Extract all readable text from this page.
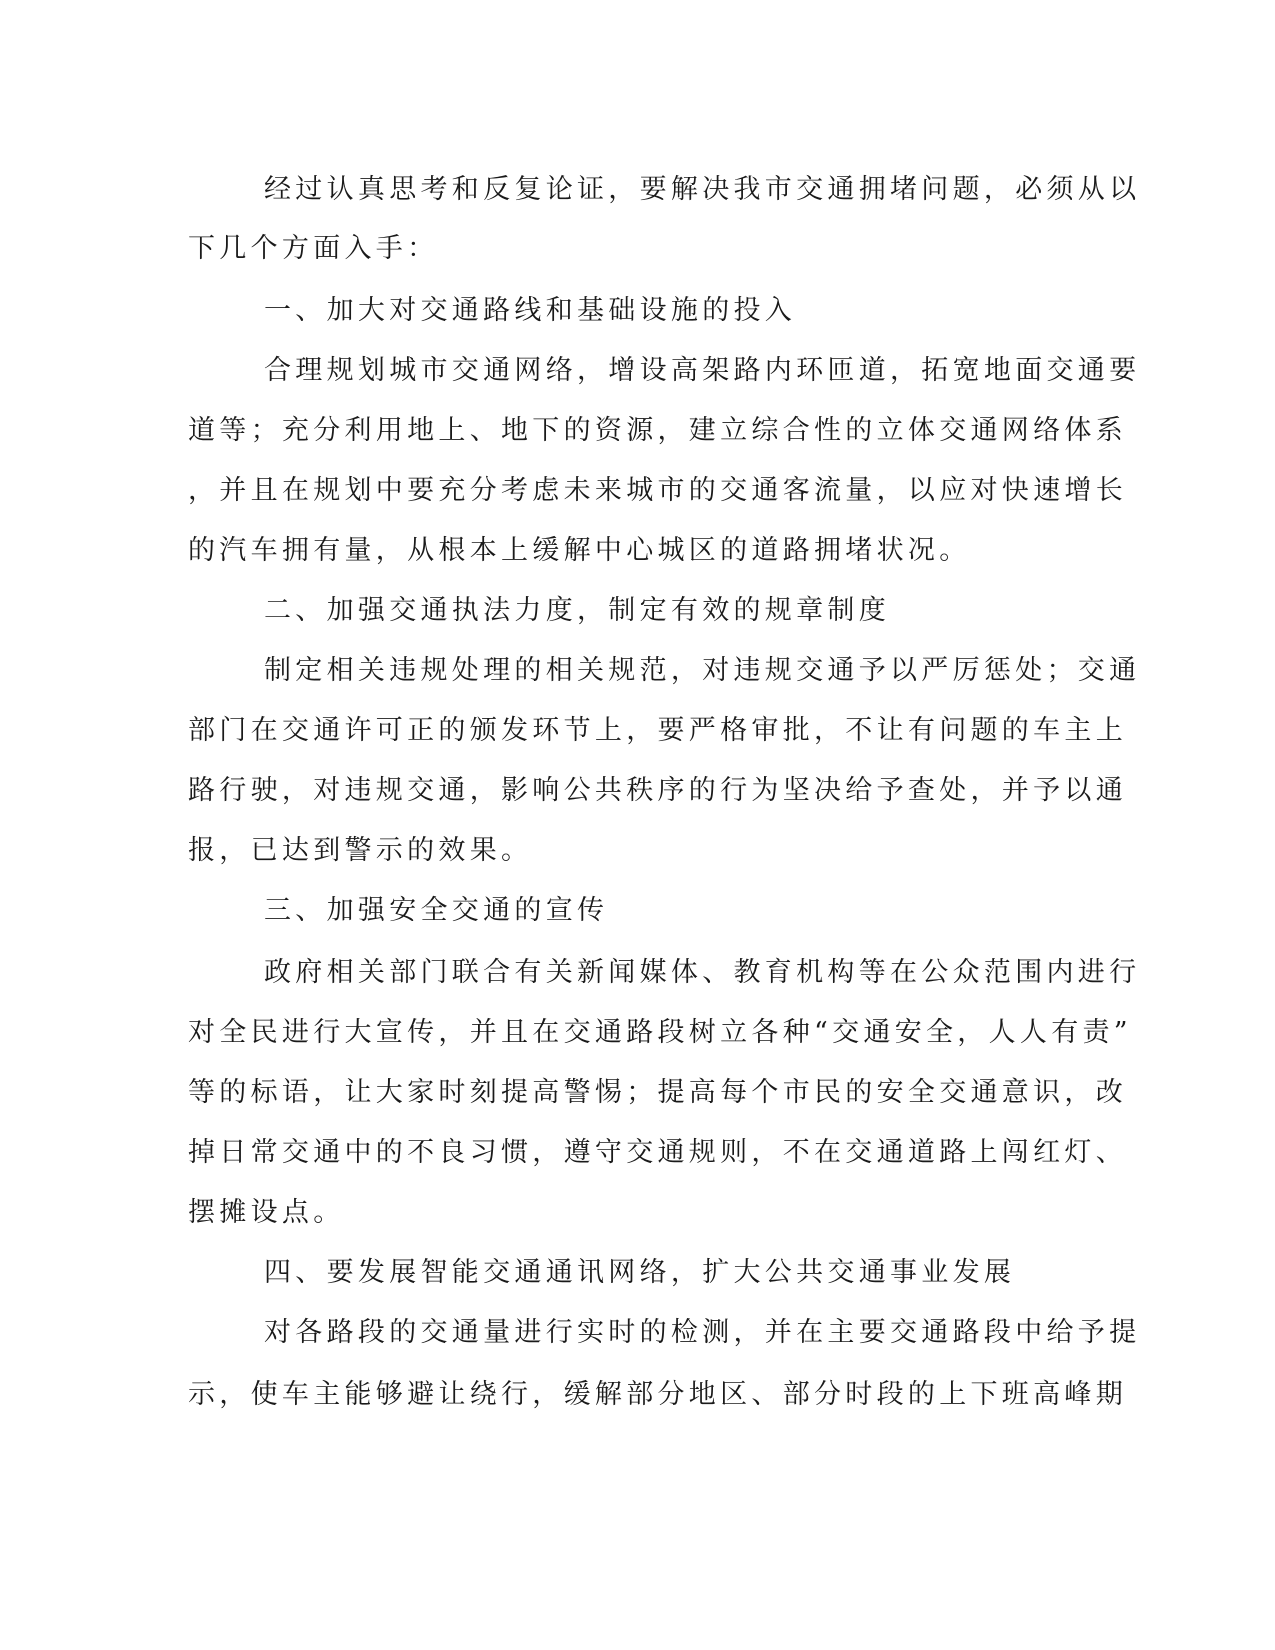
经过认真思考和反复论证，要解决我市交通拥堵问题，必须从以
下几个方面入手：
一、加大对交通路线和基础设施的投入
合理规划城市交通网络，增设高架路内环匝道，拓宽地面交通要
道等；充分利用地上、地下的资源，建立综合性的立体交通网络体系
，并且在规划中要充分考虑未来城市的交通客流量，以应对快速增长
的汽车拥有量，从根本上缓解中心城区的道路拥堵状况。
二、加强交通执法力度，制定有效的规章制度
制定相关违规处理的相关规范，对违规交通予以严厉惩处；交通
部门在交通许可正的颁发环节上，要严格审批，不让有问题的车主上
路行驶，对违规交通，影响公共秩序的行为坚决给予查处，并予以通
报，已达到警示的效果。
三、加强安全交通的宣传
政府相关部门联合有关新闻媒体、教育机构等在公众范围内进行
对全民进行大宣传，并且在交通路段树立各种“交通安全，人人有责”
等的标语，让大家时刻提高警惕；提高每个市民的安全交通意识，改
掉日常交通中的不良习惯，遵守交通规则，不在交通道路上闯红灯、
摆摊设点。
四、要发展智能交通通讯网络，扩大公共交通事业发展
对各路段的交通量进行实时的检测，并在主要交通路段中给予提
示，使车主能够避让绕行，缓解部分地区、部分时段的上下班高峰期
